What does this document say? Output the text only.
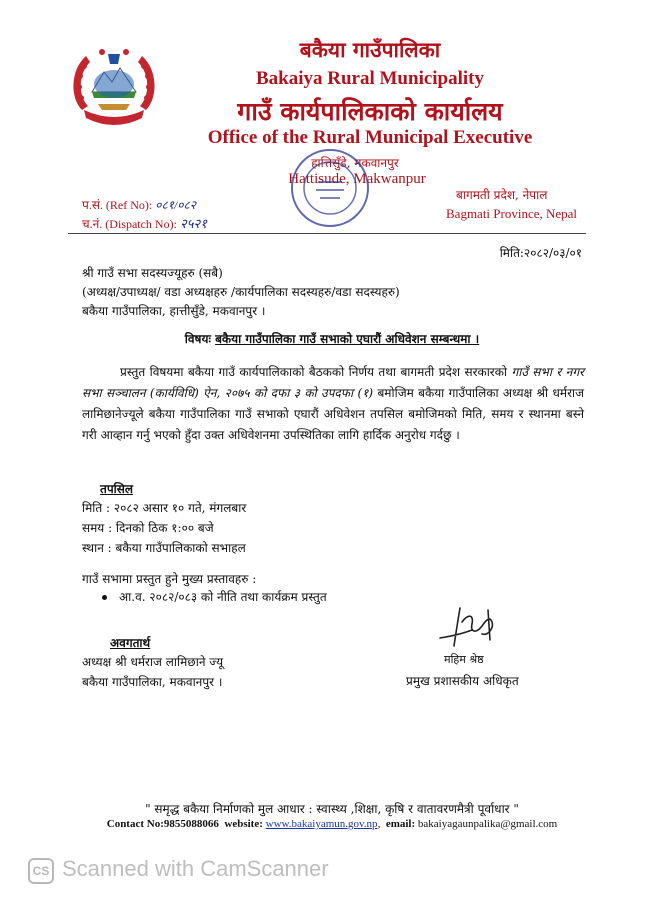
बकैया गाउँपालिका
Bakaiya Rural Municipality
गाउँ कार्यपालिकाको कार्यालय
Office of the Rural Municipal Executive
हात्तिसुँडे, मकवानपुर
Hattisude, Makwanpur
प.सं. (Ref No): ०८१/०८२
च.नं. (Dispatch No): २५२१
बागमती प्रदेश, नेपाल
Bagmati Province, Nepal
मिति:२०८२/०३/०१
श्री गाउँ सभा सदस्यज्यूहरु (सबै)
(अध्यक्ष/उपाध्यक्ष/ वडा अध्यक्षहरु /कार्यपालिका सदस्यहरु/वडा सदस्यहरु)
बकैया गाउँपालिका, हात्तीसुँडे, मकवानपुर ।
विषयः बकैया गाउँपालिका गाउँ सभाको एघारौं अधिवेशन सम्बन्धमा ।

प्रस्तुत विषयमा बकैया गाउँ कार्यपालिकाको बैठकको निर्णय तथा बागमती प्रदेश सरकारको गाउँ सभा र नगर सभा सञ्चालन (कार्यविधि) ऐन, २०७५ को दफा ३ को उपदफा (१) बमोजिम बकैया गाउँपालिका अध्यक्ष श्री धर्मराज लामिछानेज्यूले बकैया गाउँपालिका गाउँ सभाको एघारौं अधिवेशन तपसिल बमोजिमको मिति, समय र स्थानमा बस्ने गरी आव्हान गर्नु भएको हुँदा उक्त अधिवेशनमा उपस्थितिका लागि हार्दिक अनुरोध गर्दछु ।

तपसिल
मिति : २०८२ असार १० गते, मंगलबार
समय : दिनको ठिक १:०० बजे
स्थान : बकैया गाउँपालिकाको सभाहल
गाउँ सभामा प्रस्तुत हुने मुख्य प्रस्तावहरु :
आ.व. २०८२/०८३ को नीति तथा कार्यक्रम प्रस्तुत
अवगतार्थ
अध्यक्ष श्री धर्मराज लामिछाने ज्यू
बकैया गाउँपालिका, मकवानपुर ।
महिम श्रेष्ठ
प्रमुख प्रशासकीय अधिकृत
" समृद्ध बकैया निर्माणको मुल आधार : स्वास्थ्य ,शिक्षा, कृषि र वातावरणमैत्री पूर्वाधार "
Contact No:9855088066 website: www.bakaiyamun.gov.np,  email: bakaiyagaunpalika@gmail.com
CS Scanned with CamScanner
